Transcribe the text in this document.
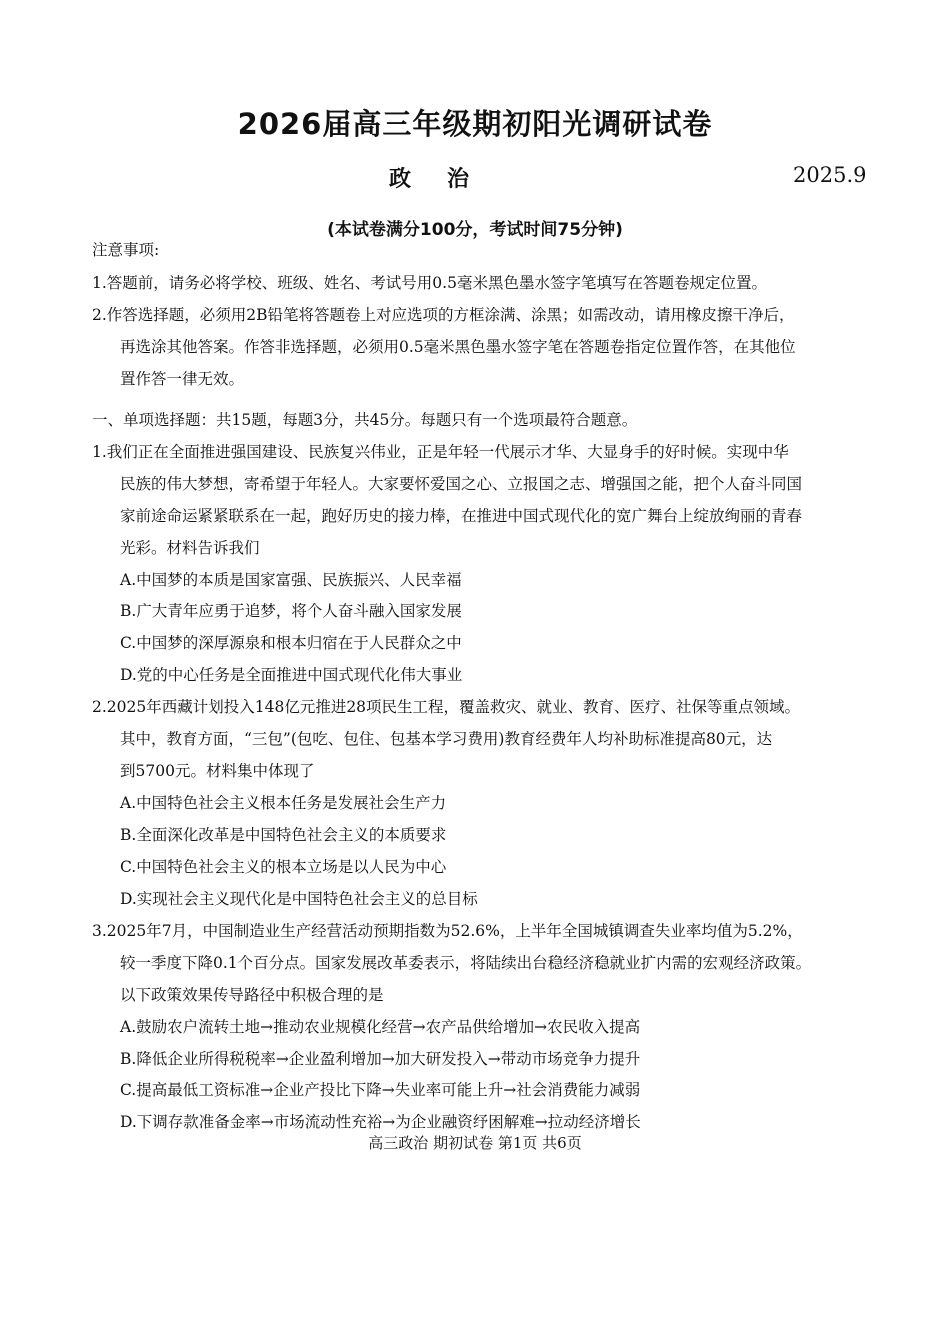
2026届高三年级期初阳光调研试卷
政治	2025.9
(本试卷满分100分，考试时间75分钟)
注意事项:
1.答题前，请务必将学校、班级、姓名、考试号用0.5毫米黑色墨水签字笔填写在答题卷规定位置。
2.作答选择题，必须用2B铅笔将答题卷上对应选项的方框涂满、涂黑；如需改动，请用橡皮擦干净后，
再选涂其他答案。作答非选择题，必须用0.5毫米黑色墨水签字笔在答题卷指定位置作答，在其他位
置作答一律无效。
一、单项选择题：共15题，每题3分，共45分。每题只有一个选项最符合题意。
1.我们正在全面推进强国建设、民族复兴伟业，正是年轻一代展示才华、大显身手的好时候。实现中华
民族的伟大梦想，寄希望于年轻人。大家要怀爱国之心、立报国之志、增强国之能，把个人奋斗同国
家前途命运紧紧联系在一起，跑好历史的接力棒，在推进中国式现代化的宽广舞台上绽放绚丽的青春
光彩。材料告诉我们
A.中国梦的本质是国家富强、民族振兴、人民幸福
B.广大青年应勇于追梦，将个人奋斗融入国家发展
C.中国梦的深厚源泉和根本归宿在于人民群众之中
D.党的中心任务是全面推进中国式现代化伟大事业
2.2025年西藏计划投入148亿元推进28项民生工程，覆盖救灾、就业、教育、医疗、社保等重点领域。
其中，教育方面，“三包”(包吃、包住、包基本学习费用)教育经费年人均补助标准提高80元，达
到5700元。材料集中体现了
A.中国特色社会主义根本任务是发展社会生产力
B.全面深化改革是中国特色社会主义的本质要求
C.中国特色社会主义的根本立场是以人民为中心
D.实现社会主义现代化是中国特色社会主义的总目标
3.2025年7月，中国制造业生产经营活动预期指数为52.6%，上半年全国城镇调查失业率均值为5.2%，
较一季度下降0.1个百分点。国家发展改革委表示，将陆续出台稳经济稳就业扩内需的宏观经济政策。
以下政策效果传导路径中积极合理的是
A.鼓励农户流转土地→推动农业规模化经营→农产品供给增加→农民收入提高
B.降低企业所得税税率→企业盈利增加→加大研发投入→带动市场竞争力提升
C.提高最低工资标准→企业产投比下降→失业率可能上升→社会消费能力减弱
D.下调存款准备金率→市场流动性充裕→为企业融资纾困解难→拉动经济增长
高三政治 期初试卷 第1页 共6页
